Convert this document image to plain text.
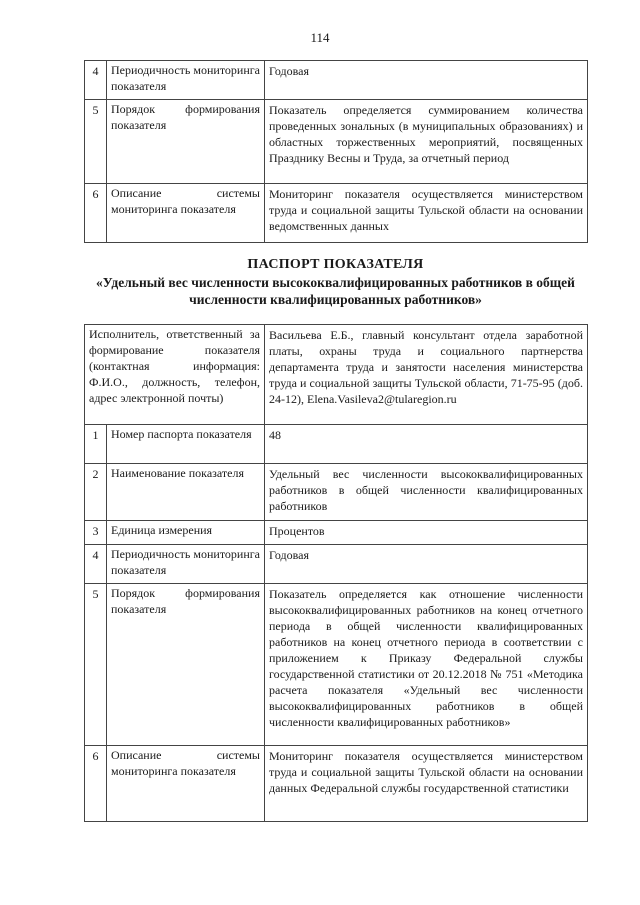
114
4	Периодичность мониторинга показателя	Годовая
5	Порядок формирования показателя	Показатель определяется суммированием количества проведенных зональных (в муниципальных образованиях) и областных торжественных мероприятий, посвященных Празднику Весны и Труда, за отчетный период
6	Описание системы мониторинга показателя	Мониторинг показателя осуществляется министерством труда и социальной защиты Тульской области на основании ведомственных данных
ПАСПОРТ ПОКАЗАТЕЛЯ
«Удельный вес численности высококвалифицированных работников в общей численности квалифицированных работников»
Исполнитель, ответственный за формирование показателя (контактная информация: Ф.И.О., должность, телефон, адрес электронной почты)		Васильева Е.Б., главный консультант отдела заработной платы, охраны труда и социального партнерства департамента труда и занятости населения министерства труда и социальной защиты Тульской области, 71-75-95 (доб. 24-12), Elena.Vasileva2@tularegion.ru
1	Номер паспорта показателя	48
2	Наименование показателя	Удельный вес численности высококвалифицированных работников в общей численности квалифицированных работников
3	Единица измерения	Процентов
4	Периодичность мониторинга показателя	Годовая
5	Порядок формирования показателя	Показатель определяется как отношение численности высококвалифицированных работников на конец отчетного периода в общей численности квалифицированных работников на конец отчетного периода в соответствии с приложением к Приказу Федеральной службы государственной статистики от 20.12.2018 № 751 «Методика расчета показателя «Удельный вес численности высококвалифицированных работников в общей численности квалифицированных работников»
6	Описание системы мониторинга показателя	Мониторинг показателя осуществляется министерством труда и социальной защиты Тульской области на основании данных Федеральной службы государственной статистики
